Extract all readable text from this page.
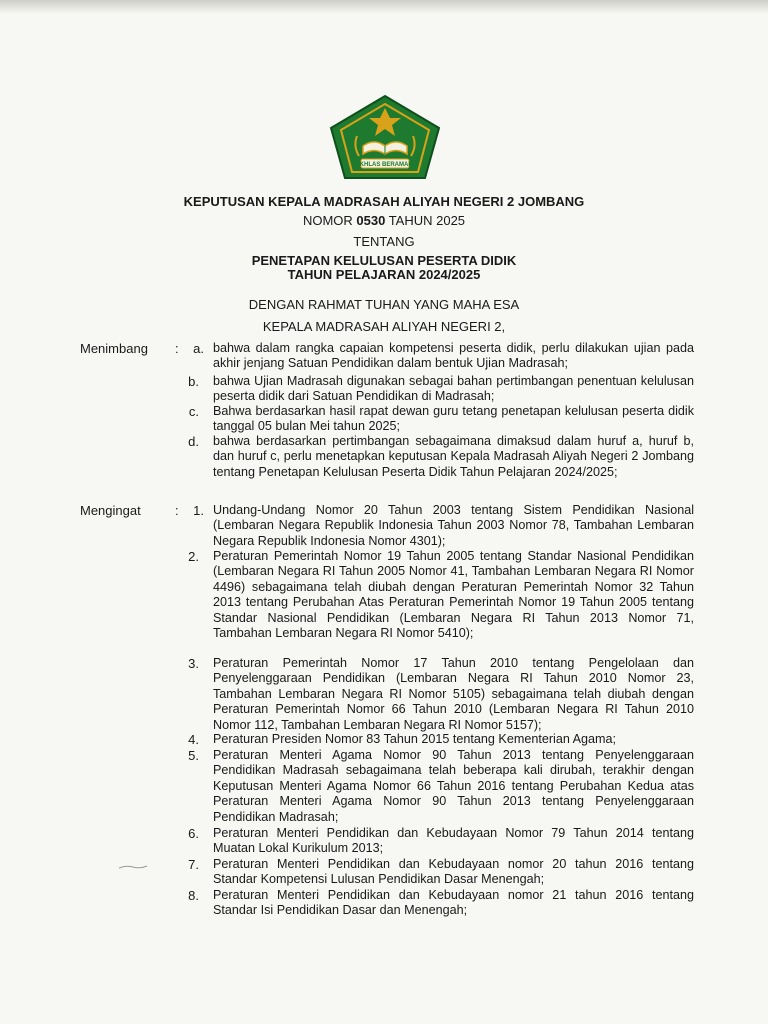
IKHLAS BERAMAL
KEPUTUSAN KEPALA MADRASAH ALIYAH NEGERI 2 JOMBANG
NOMOR 0530 TAHUN 2025
TENTANG
PENETAPAN KELULUSAN PESERTA DIDIK
TAHUN PELAJARAN 2024/2025
DENGAN RAHMAT TUHAN YANG MAHA ESA
KEPALA MADRASAH ALIYAH NEGERI 2,
Menimbang :	a. bahwa dalam rangka capaian kompetensi peserta didik, perlu dilakukan ujian pada akhir jenjang Satuan Pendidikan dalam bentuk Ujian Madrasah;
b. bahwa Ujian Madrasah digunakan sebagai bahan pertimbangan penentuan kelulusan peserta didik dari Satuan Pendidikan di Madrasah;
c. Bahwa berdasarkan hasil rapat dewan guru tetang penetapan kelulusan peserta didik tanggal 05 bulan Mei tahun 2025;
d. bahwa berdasarkan pertimbangan sebagaimana dimaksud dalam huruf a, huruf b, dan huruf c, perlu menetapkan keputusan Kepala Madrasah Aliyah Negeri 2 Jombang tentang Penetapan Kelulusan Peserta Didik Tahun Pelajaran 2024/2025;
Mengingat	:	1. Undang-Undang Nomor 20 Tahun 2003 tentang Sistem Pendidikan Nasional (Lembaran Negara Republik Indonesia Tahun 2003 Nomor 78, Tambahan Lembaran Negara Republik Indonesia Nomor 4301);
2. Peraturan Pemerintah Nomor 19 Tahun 2005 tentang Standar Nasional Pendidikan (Lembaran Negara RI Tahun 2005 Nomor 41, Tambahan Lembaran Negara RI Nomor 4496) sebagaimana telah diubah dengan Peraturan Pemerintah Nomor 32 Tahun 2013 tentang Perubahan Atas Peraturan Pemerintah Nomor 19 Tahun 2005 tentang Standar Nasional Pendidikan (Lembaran Negara RI Tahun 2013 Nomor 71, Tambahan Lembaran Negara RI Nomor 5410);
3. Peraturan Pemerintah Nomor 17 Tahun 2010 tentang Pengelolaan dan Penyelenggaraan Pendidikan (Lembaran Negara RI Tahun 2010 Nomor 23, Tambahan Lembaran Negara RI Nomor 5105) sebagaimana telah diubah dengan Peraturan Pemerintah Nomor 66 Tahun 2010 (Lembaran Negara RI Tahun 2010 Nomor 112, Tambahan Lembaran Negara RI Nomor 5157);
4. Peraturan Presiden Nomor 83 Tahun 2015 tentang Kementerian Agama;
5. Peraturan Menteri Agama Nomor 90 Tahun 2013 tentang Penyelenggaraan Pendidikan Madrasah sebagaimana telah beberapa kali dirubah, terakhir dengan Keputusan Menteri Agama Nomor 66 Tahun 2016 tentang Perubahan Kedua atas Peraturan Menteri Agama Nomor 90 Tahun 2013 tentang Penyelenggaraan Pendidikan Madrasah;
6. Peraturan Menteri Pendidikan dan Kebudayaan Nomor 79 Tahun 2014 tentang Muatan Lokal Kurikulum 2013;
7. Peraturan Menteri Pendidikan dan Kebudayaan nomor 20 tahun 2016 tentang Standar Kompetensi Lulusan Pendidikan Dasar Menengah;
8. Peraturan Menteri Pendidikan dan Kebudayaan nomor 21 tahun 2016 tentang Standar Isi Pendidikan Dasar dan Menengah;
